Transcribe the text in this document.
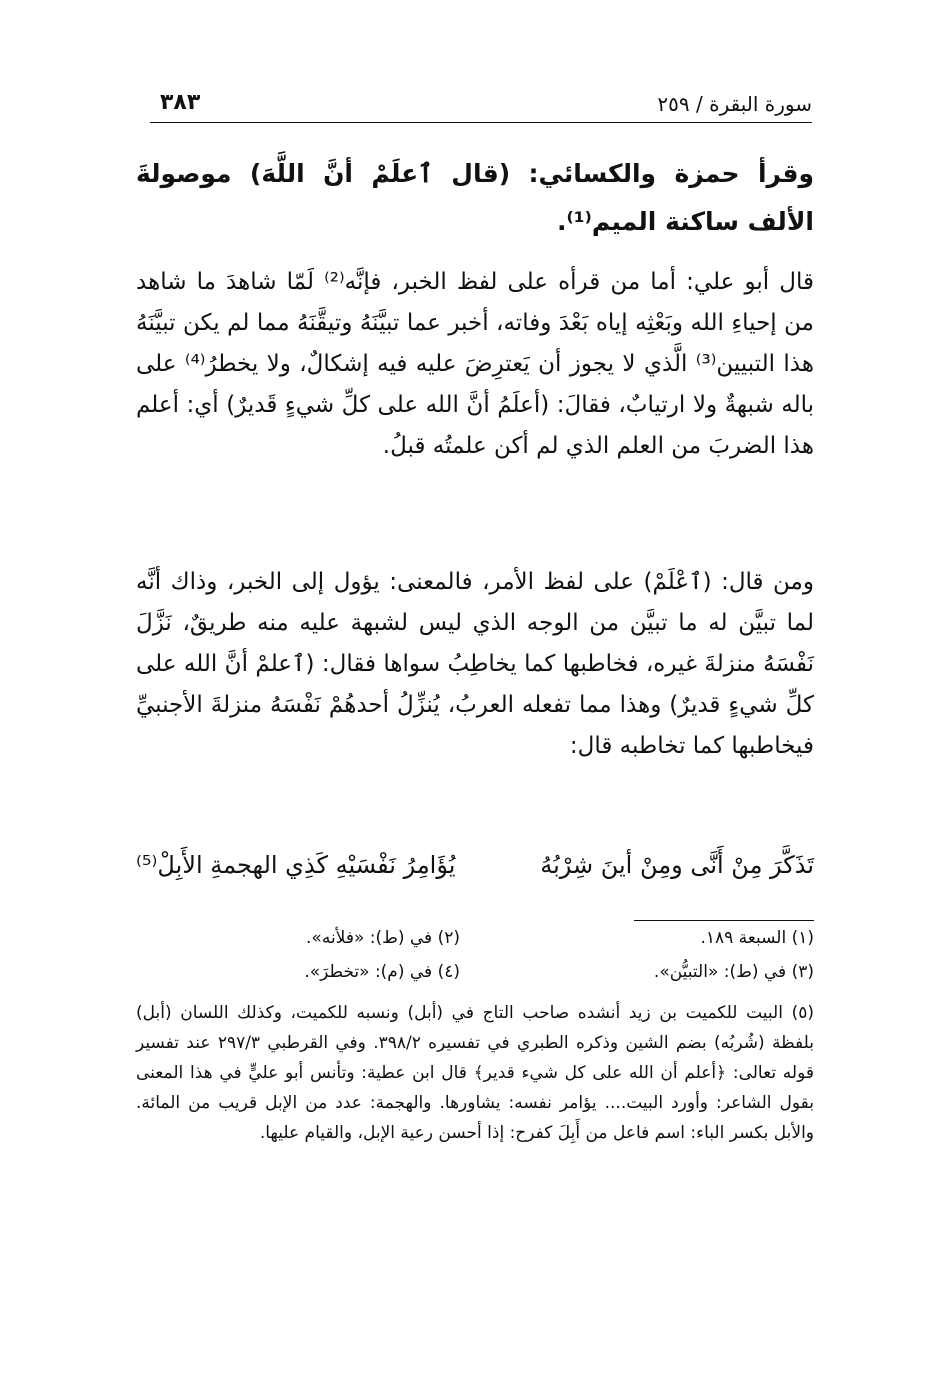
سورة البقرة / ٢٥٩
٣٨٣

وقرأ حمزة والكسائي: (قال ٱعلَمْ أنَّ اللَّهَ) موصولةَ الألف ساكنة الميم⁽¹⁾.

قال أبو علي: أما من قرأه على لفظ الخبر، فإنَّه⁽²⁾ لَمّا شاهدَ ما شاهد من إحياءِ الله وبَعْثِه إياه بَعْدَ وفاته، أخبر عما تبيَّنَهُ وتيقَّنَهُ مما لم يكن تبيَّنَهُ هذا التبيين⁽³⁾ الَّذي لا يجوز أن يَعترِضَ عليه فيه إشكالٌ، ولا يخطرُ⁽⁴⁾ على باله شبهةٌ ولا ارتيابٌ، فقالَ: (أعلَمُ أنَّ الله على كلِّ شيءٍ قَديرٌ) أي: أعلم هذا الضربَ من العلم الذي لم أكن علمتُه قبلُ.

ومن قال: (ٱعْلَمْ) على لفظ الأمر، فالمعنى: يؤول إلى الخبر، وذاك أنَّه لما تبيَّن له ما تبيَّن من الوجه الذي ليس لشبهة عليه منه طريقٌ، نَزَّلَ نَفْسَهُ منزلةَ غيره، فخاطبها كما يخاطِبُ سواها فقال: (ٱعلمْ أنَّ الله على كلِّ شيءٍ قديرٌ) وهذا مما تفعله العربُ، يُنزِّلُ أحدهُمْ نَفْسَهُ منزلةَ الأجنبيِّ فيخاطبها كما تخاطبه قال:

تَذَكَّرَ مِنْ أَنَّى ومِنْ أينَ شِرْبُهُ
يُؤَامِرُ نَفْسَيْهِ كَذِي الهجمةِ الأَبِلْ⁽⁵⁾

(١) السبعة ١٨٩.

(٢) في (ط): «فلأنه».

(٣) في (ط): «التبيُّن».

(٤) في (م): «تخطرَ».

(٥) البيت للكميت بن زيد أنشده صاحب التاج في (أبل) ونسبه للكميت، وكذلك اللسان (أبل) بلفظة (شُربُه) بضم الشين وذكره الطبري في تفسيره ٣٩٨/٢. وفي القرطبي ٢٩٧/٣ عند تفسير قوله تعالى: ﴿أعلم أن الله على كل شيء قدير﴾ قال ابن عطية: وتأنس أبو عليٍّ في هذا المعنى بقول الشاعر: وأورد البيت.... يؤامر نفسه: يشاورها. والهجمة: عدد من الإبل قريب من المائة. والأبل بكسر الباء: اسم فاعل من أَبِلَ كفرح: إذا أحسن رعية الإبل، والقيام عليها.
